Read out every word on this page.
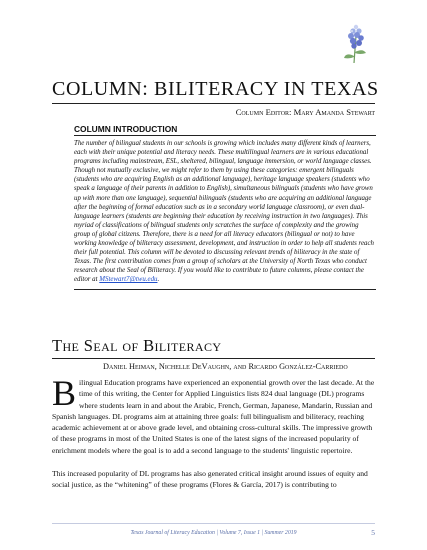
COLUMN: BILITERACY IN TEXAS
Column Editor: Mary Amanda Stewart
COLUMN INTRODUCTION
The number of bilingual students in our schools is growing which includes many different kinds of learners, each with their unique potential and literacy needs. These multilingual learners are in various educational programs including mainstream, ESL, sheltered, bilingual, language immersion, or world language classes. Though not mutually exclusive, we might refer to them by using these categories: emergent bilinguals (students who are acquiring English as an additional language), heritage language speakers (students who speak a language of their parents in addition to English), simultaneous bilinguals (students who have grown up with more than one language), sequential bilinguals (students who are acquiring an additional language after the beginning of formal education such as in a secondary world language classroom), or even dual-language learners (students are beginning their education by receiving instruction in two languages). This myriad of classifications of bilingual students only scratches the surface of complexity and the growing group of global citizens. Therefore, there is a need for all literacy educators (bilingual or not) to have working knowledge of biliteracy assessment, development, and instruction in order to help all students reach their full potential. This column will be devoted to discussing relevant trends of biliteracy in the state of Texas. The first contribution comes from a group of scholars at the University of North Texas who conduct research about the Seal of Biliteracy. If you would like to contribute to future columns, please contact the editor at MStewart7@twu.edu.
The Seal of Biliteracy
Daniel Heiman, Nichelle DeVaughn, and Ricardo González-Carriedo

Bilingual Education programs have experienced an exponential growth over the last decade. At the time of this writing, the Center for Applied Linguistics lists 824 dual language (DL) programs where students learn in and about the Arabic, French, German, Japanese, Mandarin, Russian and Spanish languages. DL programs aim at attaining three goals: full bilingualism and biliteracy, reaching academic achievement at or above grade level, and obtaining cross-cultural skills. The impressive growth of these programs in most of the United States is one of the latest signs of the increased popularity of enrichment models where the goal is to add a second language to the students' linguistic repertoire.

This increased popularity of DL programs has also generated critical insight around issues of equity and social justice, as the “whitening” of these programs (Flores & García, 2017) is contributing to

Texas Journal of Literacy Education | Volume 7, Issue 1 | Summer 2019	5
